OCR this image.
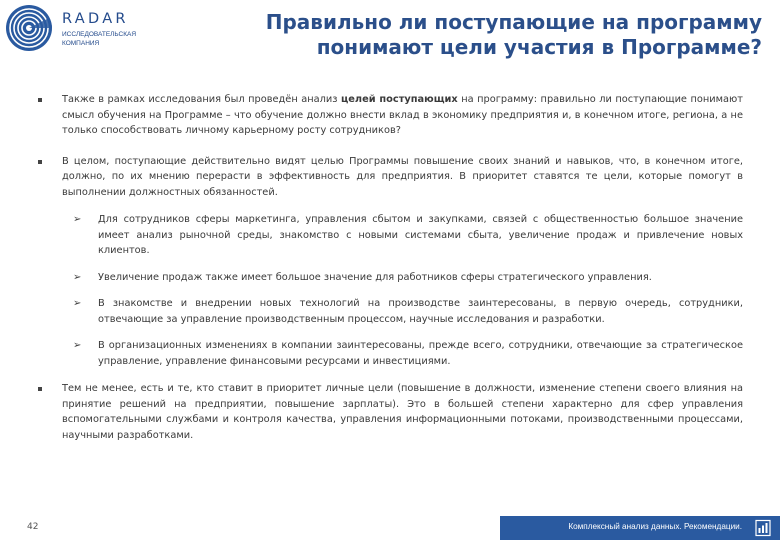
RADAR
ИССЛЕДОВАТЕЛЬСКАЯ КОМПАНИЯ
Правильно ли поступающие на программу понимают цели участия в Программе?
Также в рамках исследования был проведён анализ целей поступающих на программу: правильно ли поступающие понимают смысл обучения на Программе – что обучение должно внести вклад в экономику предприятия и, в конечном итоге, региона, а не только способствовать личному карьерному росту сотрудников?
В целом, поступающие действительно видят целью Программы повышение своих знаний и навыков, что, в конечном итоге, должно, по их мнению перерасти в эффективность для предприятия. В приоритет ставятся те цели, которые помогут в выполнении должностных обязанностей.
➢ Для сотрудников сферы маркетинга, управления сбытом и закупками, связей с общественностью большое значение имеет анализ рыночной среды, знакомство с новыми системами сбыта, увеличение продаж и привлечение новых клиентов.
➢ Увеличение продаж также имеет большое значение для работников сферы стратегического управления.
➢ В знакомстве и внедрении новых технологий на производстве заинтересованы, в первую очередь, сотрудники, отвечающие за управление производственным процессом, научные исследования и разработки.
➢ В организационных изменениях в компании заинтересованы, прежде всего, сотрудники, отвечающие за стратегическое управление, управление финансовыми ресурсами и инвестициями.
Тем не менее, есть и те, кто ставит в приоритет личные цели (повышение в должности, изменение степени своего влияния на принятие решений на предприятии, повышение зарплаты). Это в большей степени характерно для сфер управления вспомогательными службами и контроля качества, управления информационными потоками, производственными процессами, научными разработками.
42	Комплексный анализ данных. Рекомендации.
